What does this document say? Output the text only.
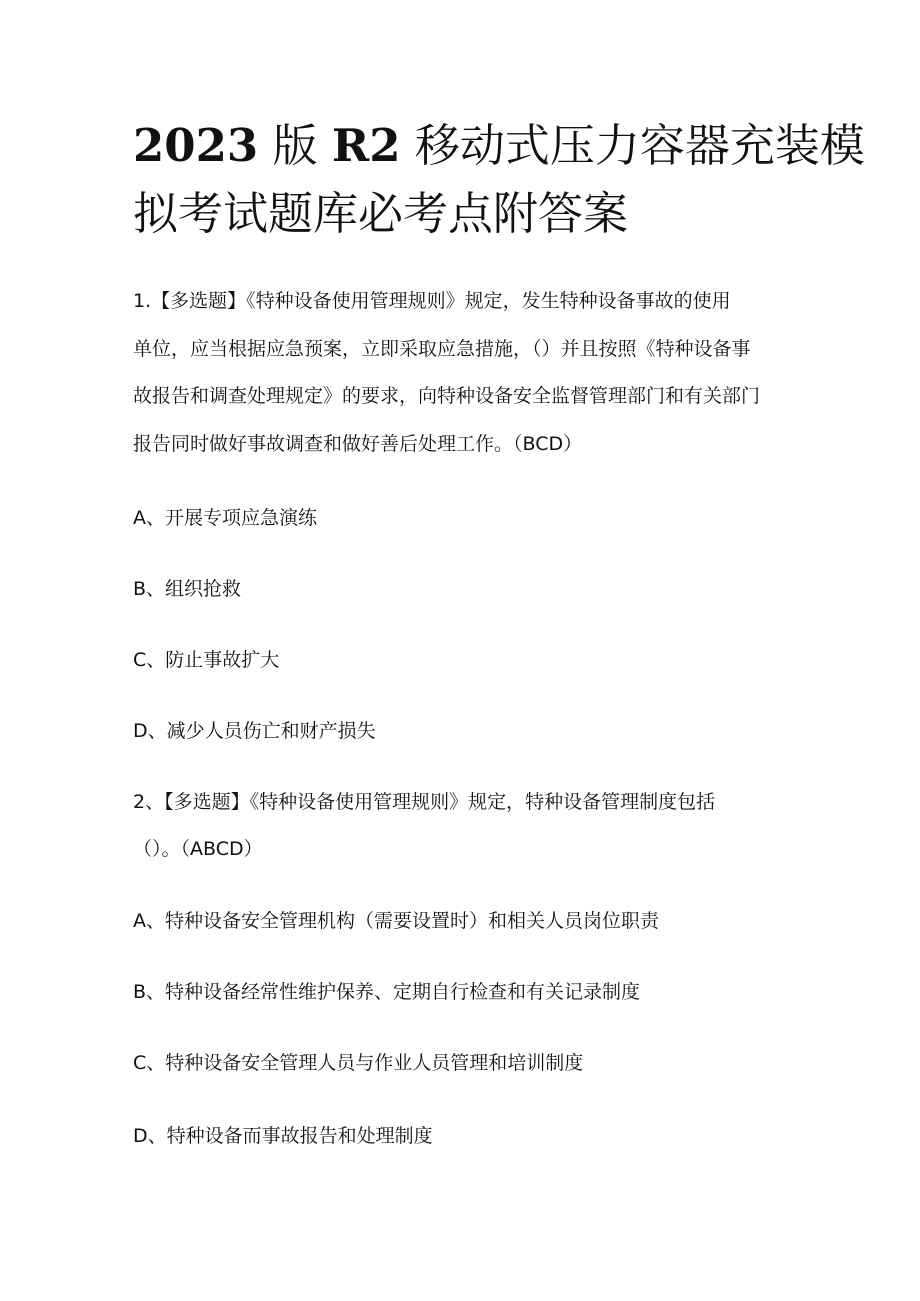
2023 版 R2 移动式压力容器充装模
拟考试题库必考点附答案

1.【多选题】《特种设备使用管理规则》规定，发生特种设备事故的使用

单位，应当根据应急预案，立即采取应急措施，（）并且按照《特种设备事

故报告和调查处理规定》的要求，向特种设备安全监督管理部门和有关部门

报告同时做好事故调查和做好善后处理工作。（BCD）

A、开展专项应急演练

B、组织抢救

C、防止事故扩大

D、减少人员伤亡和财产损失

2、【多选题】《特种设备使用管理规则》规定，特种设备管理制度包括

（）。（ABCD）

A、特种设备安全管理机构（需要设置时）和相关人员岗位职责

B、特种设备经常性维护保养、定期自行检查和有关记录制度

C、特种设备安全管理人员与作业人员管理和培训制度

D、特种设备而事故报告和处理制度
